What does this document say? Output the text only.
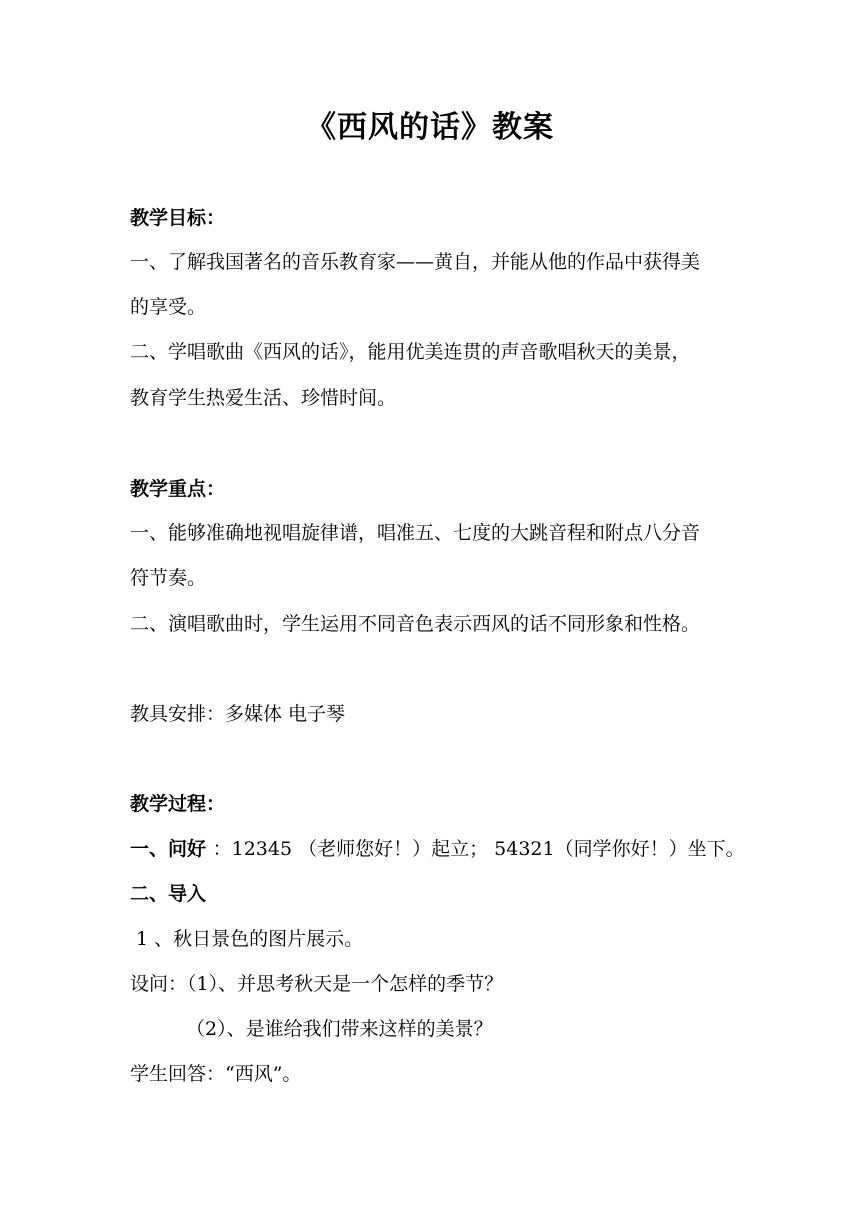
《西风的话》教案
教学目标：
一、了解我国著名的音乐教育家——黄自，并能从他的作品中获得美
的享受。
二、学唱歌曲《西风的话》，能用优美连贯的声音歌唱秋天的美景，
教育学生热爱生活、珍惜时间。
教学重点：
一、能够准确地视唱旋律谱，唱准五、七度的大跳音程和附点八分音
符节奏。
二、演唱歌曲时，学生运用不同音色表示西风的话不同形象和性格。
教具安排：多媒体 电子琴
教学过程：
一、问好 ：12345 （老师您好！）起立； 54321（同学你好！）坐下。
二、导入
1 、秋日景色的图片展示。
设问：（1）、并思考秋天是一个怎样的季节？
（2）、是谁给我们带来这样的美景？
学生回答：“西风”。
